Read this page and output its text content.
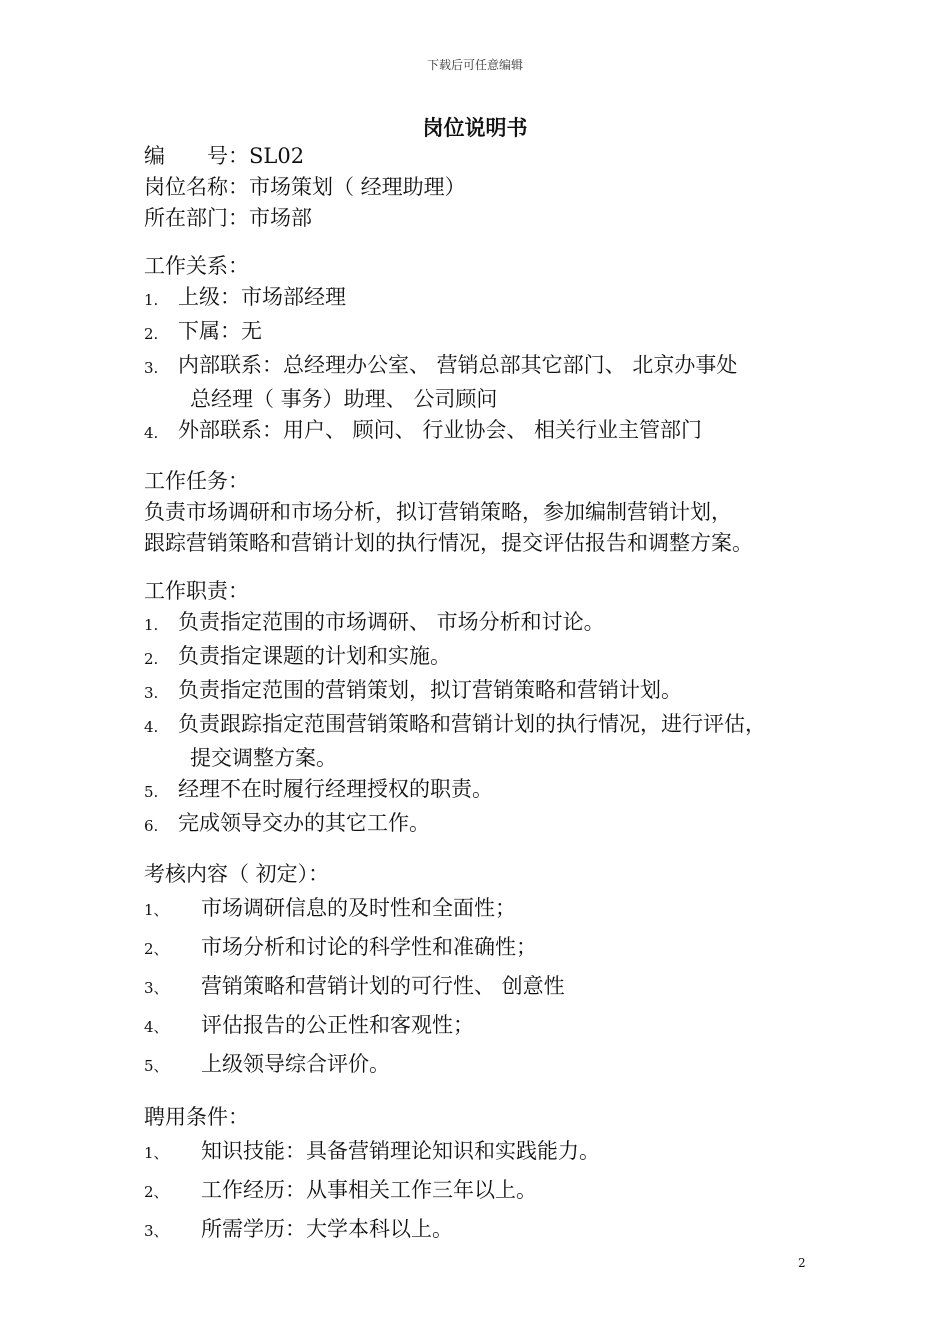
下载后可任意编辑
岗位说明书
编　　号：SL02
岗位名称：市场策划（ 经理助理）
所在部门：市场部
工作关系：
1. 上级：市场部经理
2. 下属：无
3. 内部联系：总经理办公室、 营销总部其它部门、 北京办事处
总经理（ 事务）助理、 公司顾问
4. 外部联系：用户、 顾问、 行业协会、 相关行业主管部门
工作任务：
负责市场调研和市场分析，拟订营销策略，参加编制营销计划，
跟踪营销策略和营销计划的执行情况，提交评估报告和调整方案。
工作职责：
1. 负责指定范围的市场调研、 市场分析和讨论。
2. 负责指定课题的计划和实施。
3. 负责指定范围的营销策划，拟订营销策略和营销计划。
4. 负责跟踪指定范围营销策略和营销计划的执行情况，进行评估，
提交调整方案。
5. 经理不在时履行经理授权的职责。
6. 完成领导交办的其它工作。
考核内容（ 初定）：
1、	市场调研信息的及时性和全面性；
2、	市场分析和讨论的科学性和准确性；
3、	营销策略和营销计划的可行性、 创意性
4、	评估报告的公正性和客观性；
5、	上级领导综合评价。
聘用条件：
1、	知识技能：具备营销理论知识和实践能力。
2、	工作经历：从事相关工作三年以上。
3、	所需学历：大学本科以上。
2
